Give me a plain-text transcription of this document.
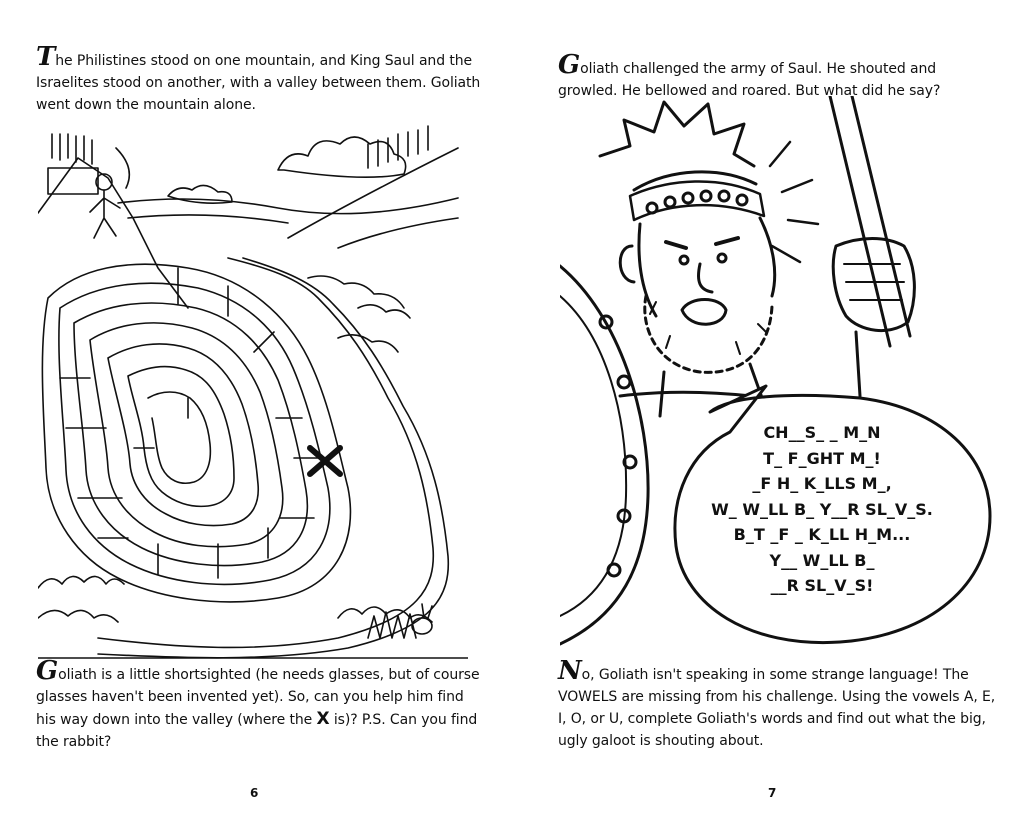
The Philistines stood on one mountain, and King Saul and the Israelites stood on another, with a valley between them. Goliath went down the mountain alone.

Goliath is a little shortsighted (he needs glasses, but of course glasses haven't been invented yet). So, can you help him find his way down into the valley (where the X is)? P.S. Can you find the rabbit?

6

Goliath challenged the army of Saul. He shouted and growled. He bellowed and roared. But what did he say?

CH__S_ _ M_N
T_ F_GHT M_!
_F H_ K_LLS M_,
W_ W_LL B_ Y__R SL_V_S.
B_T _F _ K_LL H_M...
Y__ W_LL B_
__R SL_V_S!

No, Goliath isn't speaking in some strange language! The VOWELS are missing from his challenge. Using the vowels A, E, I, O, or U, complete Goliath's words and find out what the big, ugly galoot is shouting about.

7
